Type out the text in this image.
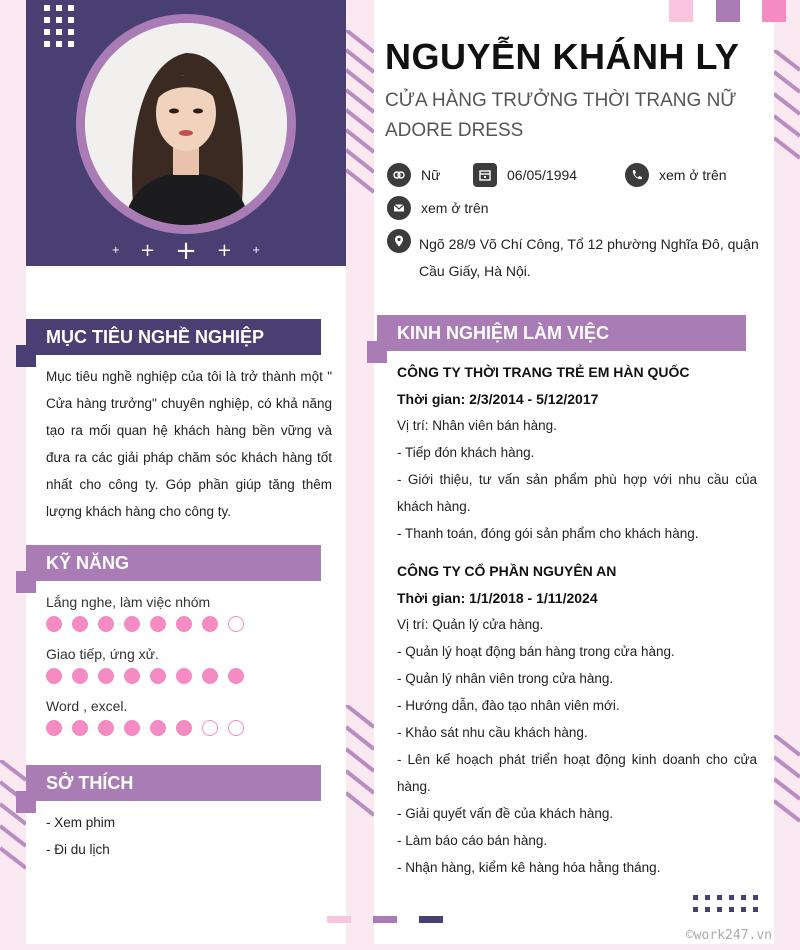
+ + + + +
NGUYỄN KHÁNH LY
CỬA HÀNG TRƯỞNG THỜI TRANG NỮ ADORE DRESS
Nữ	06/05/1994	xem ở trên
xem ở trên
Ngõ 28/9 Võ Chí Công, Tổ 12 phường Nghĩa Đô, quận Cầu Giấy, Hà Nội.
MỤC TIÊU NGHỀ NGHIỆP
Mục tiêu nghề nghiệp của tôi là trở thành một " Cửa hàng trưởng" chuyên nghiệp, có khả năng tạo ra mối quan hệ khách hàng bền vững và đưa ra các giải pháp chăm sóc khách hàng tốt nhất cho công ty. Góp phần giúp tăng thêm lượng khách hàng cho công ty.
KỸ NĂNG
Lắng nghe, làm việc nhóm
Giao tiếp, ứng xử.
Word , excel.
SỞ THÍCH
- Xem phim
- Đi du lịch
KINH NGHIỆM LÀM VIỆC
CÔNG TY THỜI TRANG TRẺ EM HÀN QUỐC
Thời gian: 2/3/2014 - 5/12/2017
Vị trí: Nhân viên bán hàng.
- Tiếp đón khách hàng.
- Giới thiệu, tư vấn sản phẩm phù hợp với nhu cầu của khách hàng.
- Thanh toán, đóng gói sản phẩm cho khách hàng.
CÔNG TY CỔ PHẦN NGUYÊN AN
Thời gian: 1/1/2018 - 1/11/2024
Vị trí: Quản lý cửa hàng.
- Quản lý hoạt động bán hàng trong cửa hàng.
- Quản lý nhân viên trong cửa hàng.
- Hướng dẫn, đào tạo nhân viên mới.
- Khảo sát nhu cầu khách hàng.
- Lên kế hoạch phát triển hoạt động kinh doanh cho cửa hàng.
- Giải quyết vấn đề của khách hàng.
- Làm báo cáo bán hàng.
- Nhận hàng, kiểm kê hàng hóa hằng tháng.
©work247.vn
